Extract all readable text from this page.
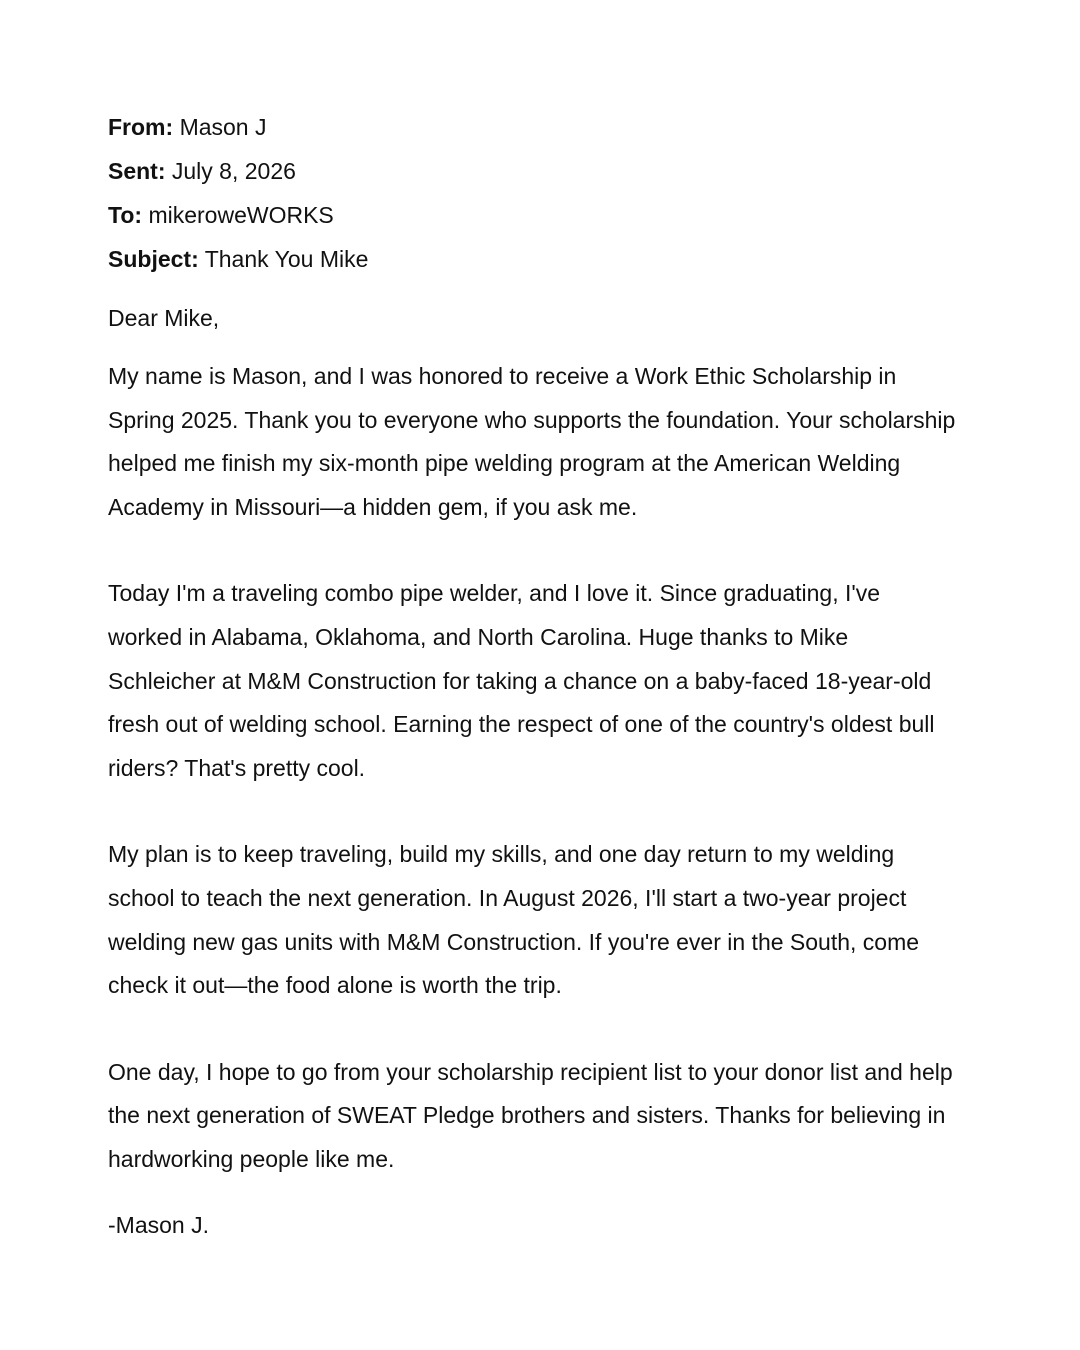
From: Mason J
Sent: July 8, 2026
To: mikeroweWORKS
Subject: Thank You Mike
Dear Mike,
My name is Mason, and I was honored to receive a Work Ethic Scholarship in Spring 2025. Thank you to everyone who supports the foundation. Your scholarship helped me finish my six-month pipe welding program at the American Welding Academy in Missouri—a hidden gem, if you ask me.
Today I'm a traveling combo pipe welder, and I love it. Since graduating, I've worked in Alabama, Oklahoma, and North Carolina. Huge thanks to Mike Schleicher at M&M Construction for taking a chance on a baby-faced 18-year-old fresh out of welding school. Earning the respect of one of the country's oldest bull riders? That's pretty cool.
My plan is to keep traveling, build my skills, and one day return to my welding school to teach the next generation. In August 2026, I'll start a two-year project welding new gas units with M&M Construction. If you're ever in the South, come check it out—the food alone is worth the trip.
One day, I hope to go from your scholarship recipient list to your donor list and help the next generation of SWEAT Pledge brothers and sisters. Thanks for believing in hardworking people like me.
-Mason J.
